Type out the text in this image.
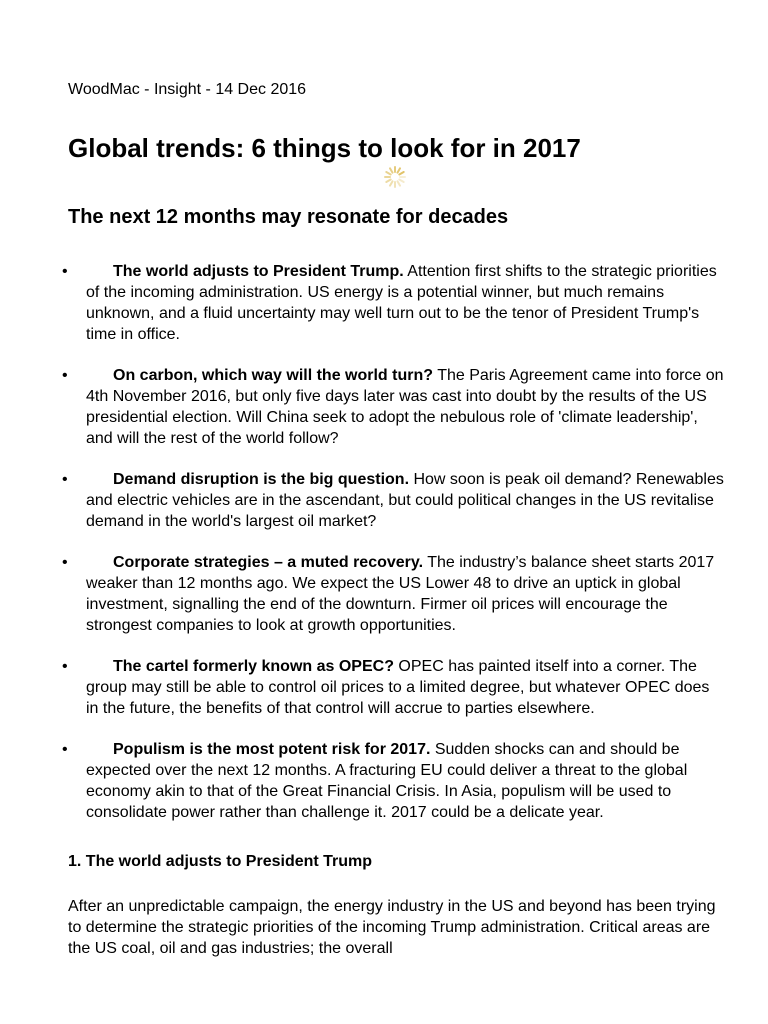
WoodMac - Insight - 14 Dec 2016
Global trends: 6 things to look for in 2017
The next 12 months may resonate for decades
•	The world adjusts to President Trump. Attention first shifts to the strategic priorities of the incoming administration. US energy is a potential winner, but much remains unknown, and a fluid uncertainty may well turn out to be the tenor of President Trump's time in office.
•	On carbon, which way will the world turn? The Paris Agreement came into force on 4th November 2016, but only five days later was cast into doubt by the results of the US presidential election. Will China seek to adopt the nebulous role of 'climate leadership', and will the rest of the world follow?
•	Demand disruption is the big question. How soon is peak oil demand? Renewables and electric vehicles are in the ascendant, but could political changes in the US revitalise demand in the world's largest oil market?
•	Corporate strategies – a muted recovery. The industry’s balance sheet starts 2017 weaker than 12 months ago. We expect the US Lower 48 to drive an uptick in global investment, signalling the end of the downturn. Firmer oil prices will encourage the strongest companies to look at growth opportunities.
•	The cartel formerly known as OPEC? OPEC has painted itself into a corner. The group may still be able to control oil prices to a limited degree, but whatever OPEC does in the future, the benefits of that control will accrue to parties elsewhere.
•	Populism is the most potent risk for 2017. Sudden shocks can and should be expected over the next 12 months. A fracturing EU could deliver a threat to the global economy akin to that of the Great Financial Crisis. In Asia, populism will be used to consolidate power rather than challenge it. 2017 could be a delicate year.
1. The world adjusts to President Trump

After an unpredictable campaign, the energy industry in the US and beyond has been trying to determine the strategic priorities of the incoming Trump administration. Critical areas are the US coal, oil and gas industries; the overall
